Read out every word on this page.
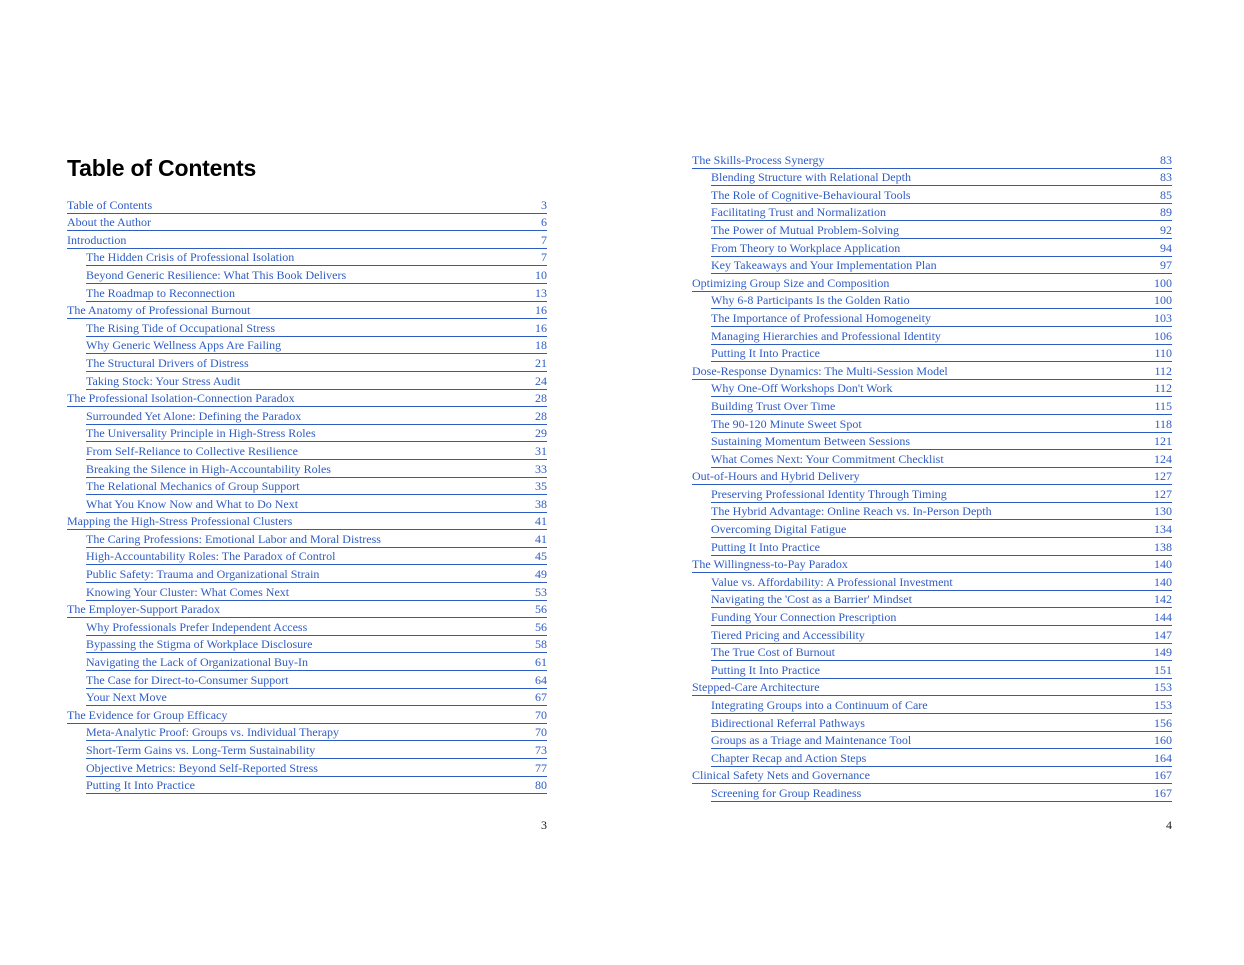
Table of Contents
Table of Contents	3
About the Author	6
Introduction	7
The Hidden Crisis of Professional Isolation	7
Beyond Generic Resilience: What This Book Delivers	10
The Roadmap to Reconnection	13
The Anatomy of Professional Burnout	16
The Rising Tide of Occupational Stress	16
Why Generic Wellness Apps Are Failing	18
The Structural Drivers of Distress	21
Taking Stock: Your Stress Audit	24
The Professional Isolation-Connection Paradox	28
Surrounded Yet Alone: Defining the Paradox	28
The Universality Principle in High-Stress Roles	29
From Self-Reliance to Collective Resilience	31
Breaking the Silence in High-Accountability Roles	33
The Relational Mechanics of Group Support	35
What You Know Now and What to Do Next	38
Mapping the High-Stress Professional Clusters	41
The Caring Professions: Emotional Labor and Moral Distress	41
High-Accountability Roles: The Paradox of Control	45
Public Safety: Trauma and Organizational Strain	49
Knowing Your Cluster: What Comes Next	53
The Employer-Support Paradox	56
Why Professionals Prefer Independent Access	56
Bypassing the Stigma of Workplace Disclosure	58
Navigating the Lack of Organizational Buy-In	61
The Case for Direct-to-Consumer Support	64
Your Next Move	67
The Evidence for Group Efficacy	70
Meta-Analytic Proof: Groups vs. Individual Therapy	70
Short-Term Gains vs. Long-Term Sustainability	73
Objective Metrics: Beyond Self-Reported Stress	77
Putting It Into Practice	80
The Skills-Process Synergy	83
Blending Structure with Relational Depth	83
The Role of Cognitive-Behavioural Tools	85
Facilitating Trust and Normalization	89
The Power of Mutual Problem-Solving	92
From Theory to Workplace Application	94
Key Takeaways and Your Implementation Plan	97
Optimizing Group Size and Composition	100
Why 6-8 Participants Is the Golden Ratio	100
The Importance of Professional Homogeneity	103
Managing Hierarchies and Professional Identity	106
Putting It Into Practice	110
Dose-Response Dynamics: The Multi-Session Model	112
Why One-Off Workshops Don't Work	112
Building Trust Over Time	115
The 90-120 Minute Sweet Spot	118
Sustaining Momentum Between Sessions	121
What Comes Next: Your Commitment Checklist	124
Out-of-Hours and Hybrid Delivery	127
Preserving Professional Identity Through Timing	127
The Hybrid Advantage: Online Reach vs. In-Person Depth	130
Overcoming Digital Fatigue	134
Putting It Into Practice	138
The Willingness-to-Pay Paradox	140
Value vs. Affordability: A Professional Investment	140
Navigating the 'Cost as a Barrier' Mindset	142
Funding Your Connection Prescription	144
Tiered Pricing and Accessibility	147
The True Cost of Burnout	149
Putting It Into Practice	151
Stepped-Care Architecture	153
Integrating Groups into a Continuum of Care	153
Bidirectional Referral Pathways	156
Groups as a Triage and Maintenance Tool	160
Chapter Recap and Action Steps	164
Clinical Safety Nets and Governance	167
Screening for Group Readiness	167
3	4
